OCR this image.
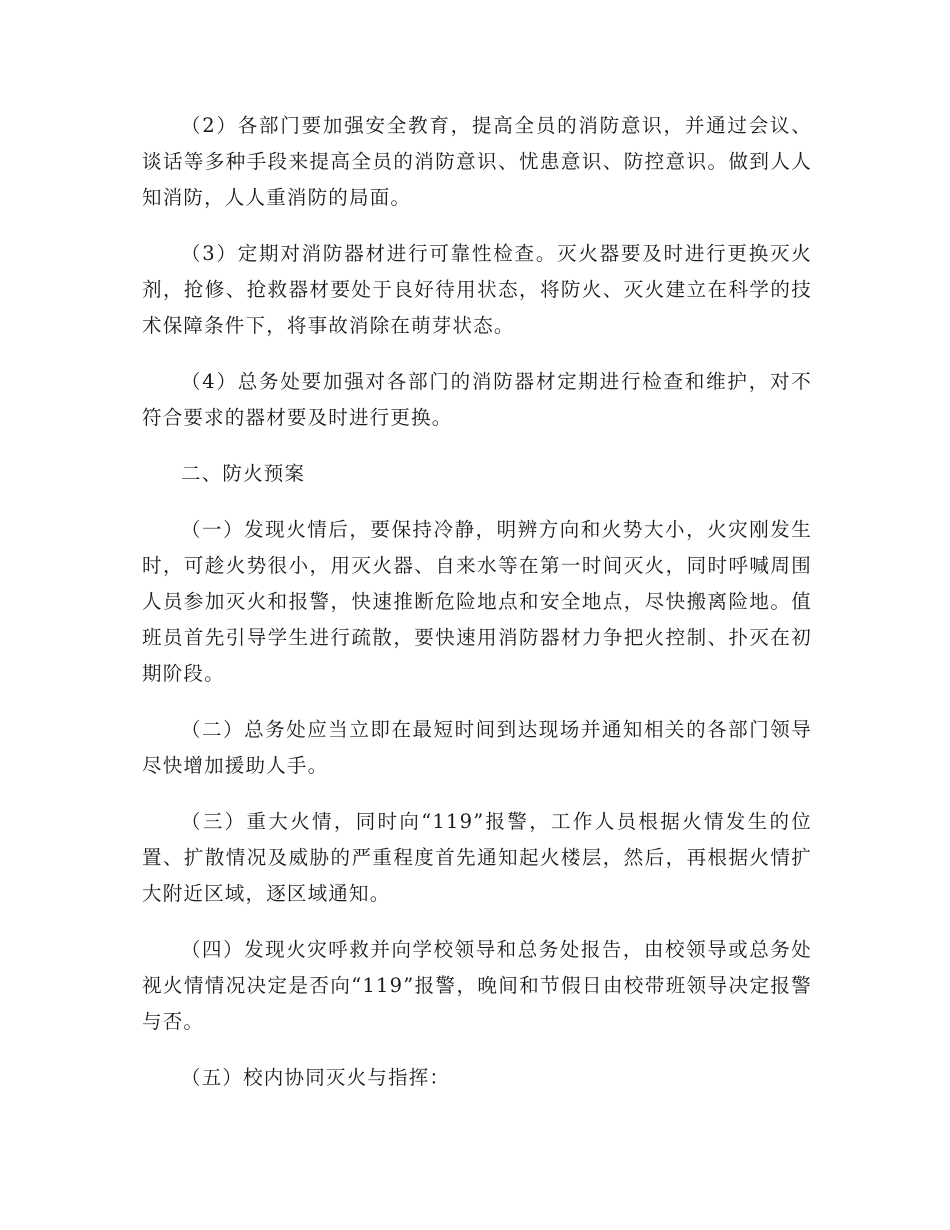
（2）各部门要加强安全教育，提高全员的消防意识，并通过会议、谈话等多种手段来提高全员的消防意识、忧患意识、防控意识。做到人人知消防，人人重消防的局面。

（3）定期对消防器材进行可靠性检查。灭火器要及时进行更换灭火剂，抢修、抢救器材要处于良好待用状态，将防火、灭火建立在科学的技术保障条件下，将事故消除在萌芽状态。

（4）总务处要加强对各部门的消防器材定期进行检查和维护，对不符合要求的器材要及时进行更换。

二、防火预案

（一）发现火情后，要保持冷静，明辨方向和火势大小，火灾刚发生时，可趁火势很小，用灭火器、自来水等在第一时间灭火，同时呼喊周围人员参加灭火和报警，快速推断危险地点和安全地点，尽快搬离险地。值班员首先引导学生进行疏散，要快速用消防器材力争把火控制、扑灭在初期阶段。

（二）总务处应当立即在最短时间到达现场并通知相关的各部门领导尽快增加援助人手。

（三）重大火情，同时向“119”报警，工作人员根据火情发生的位置、扩散情况及威胁的严重程度首先通知起火楼层，然后，再根据火情扩大附近区域，逐区域通知。

（四）发现火灾呼救并向学校领导和总务处报告，由校领导或总务处视火情情况决定是否向“119”报警，晚间和节假日由校带班领导决定报警与否。

（五）校内协同灭火与指挥：
